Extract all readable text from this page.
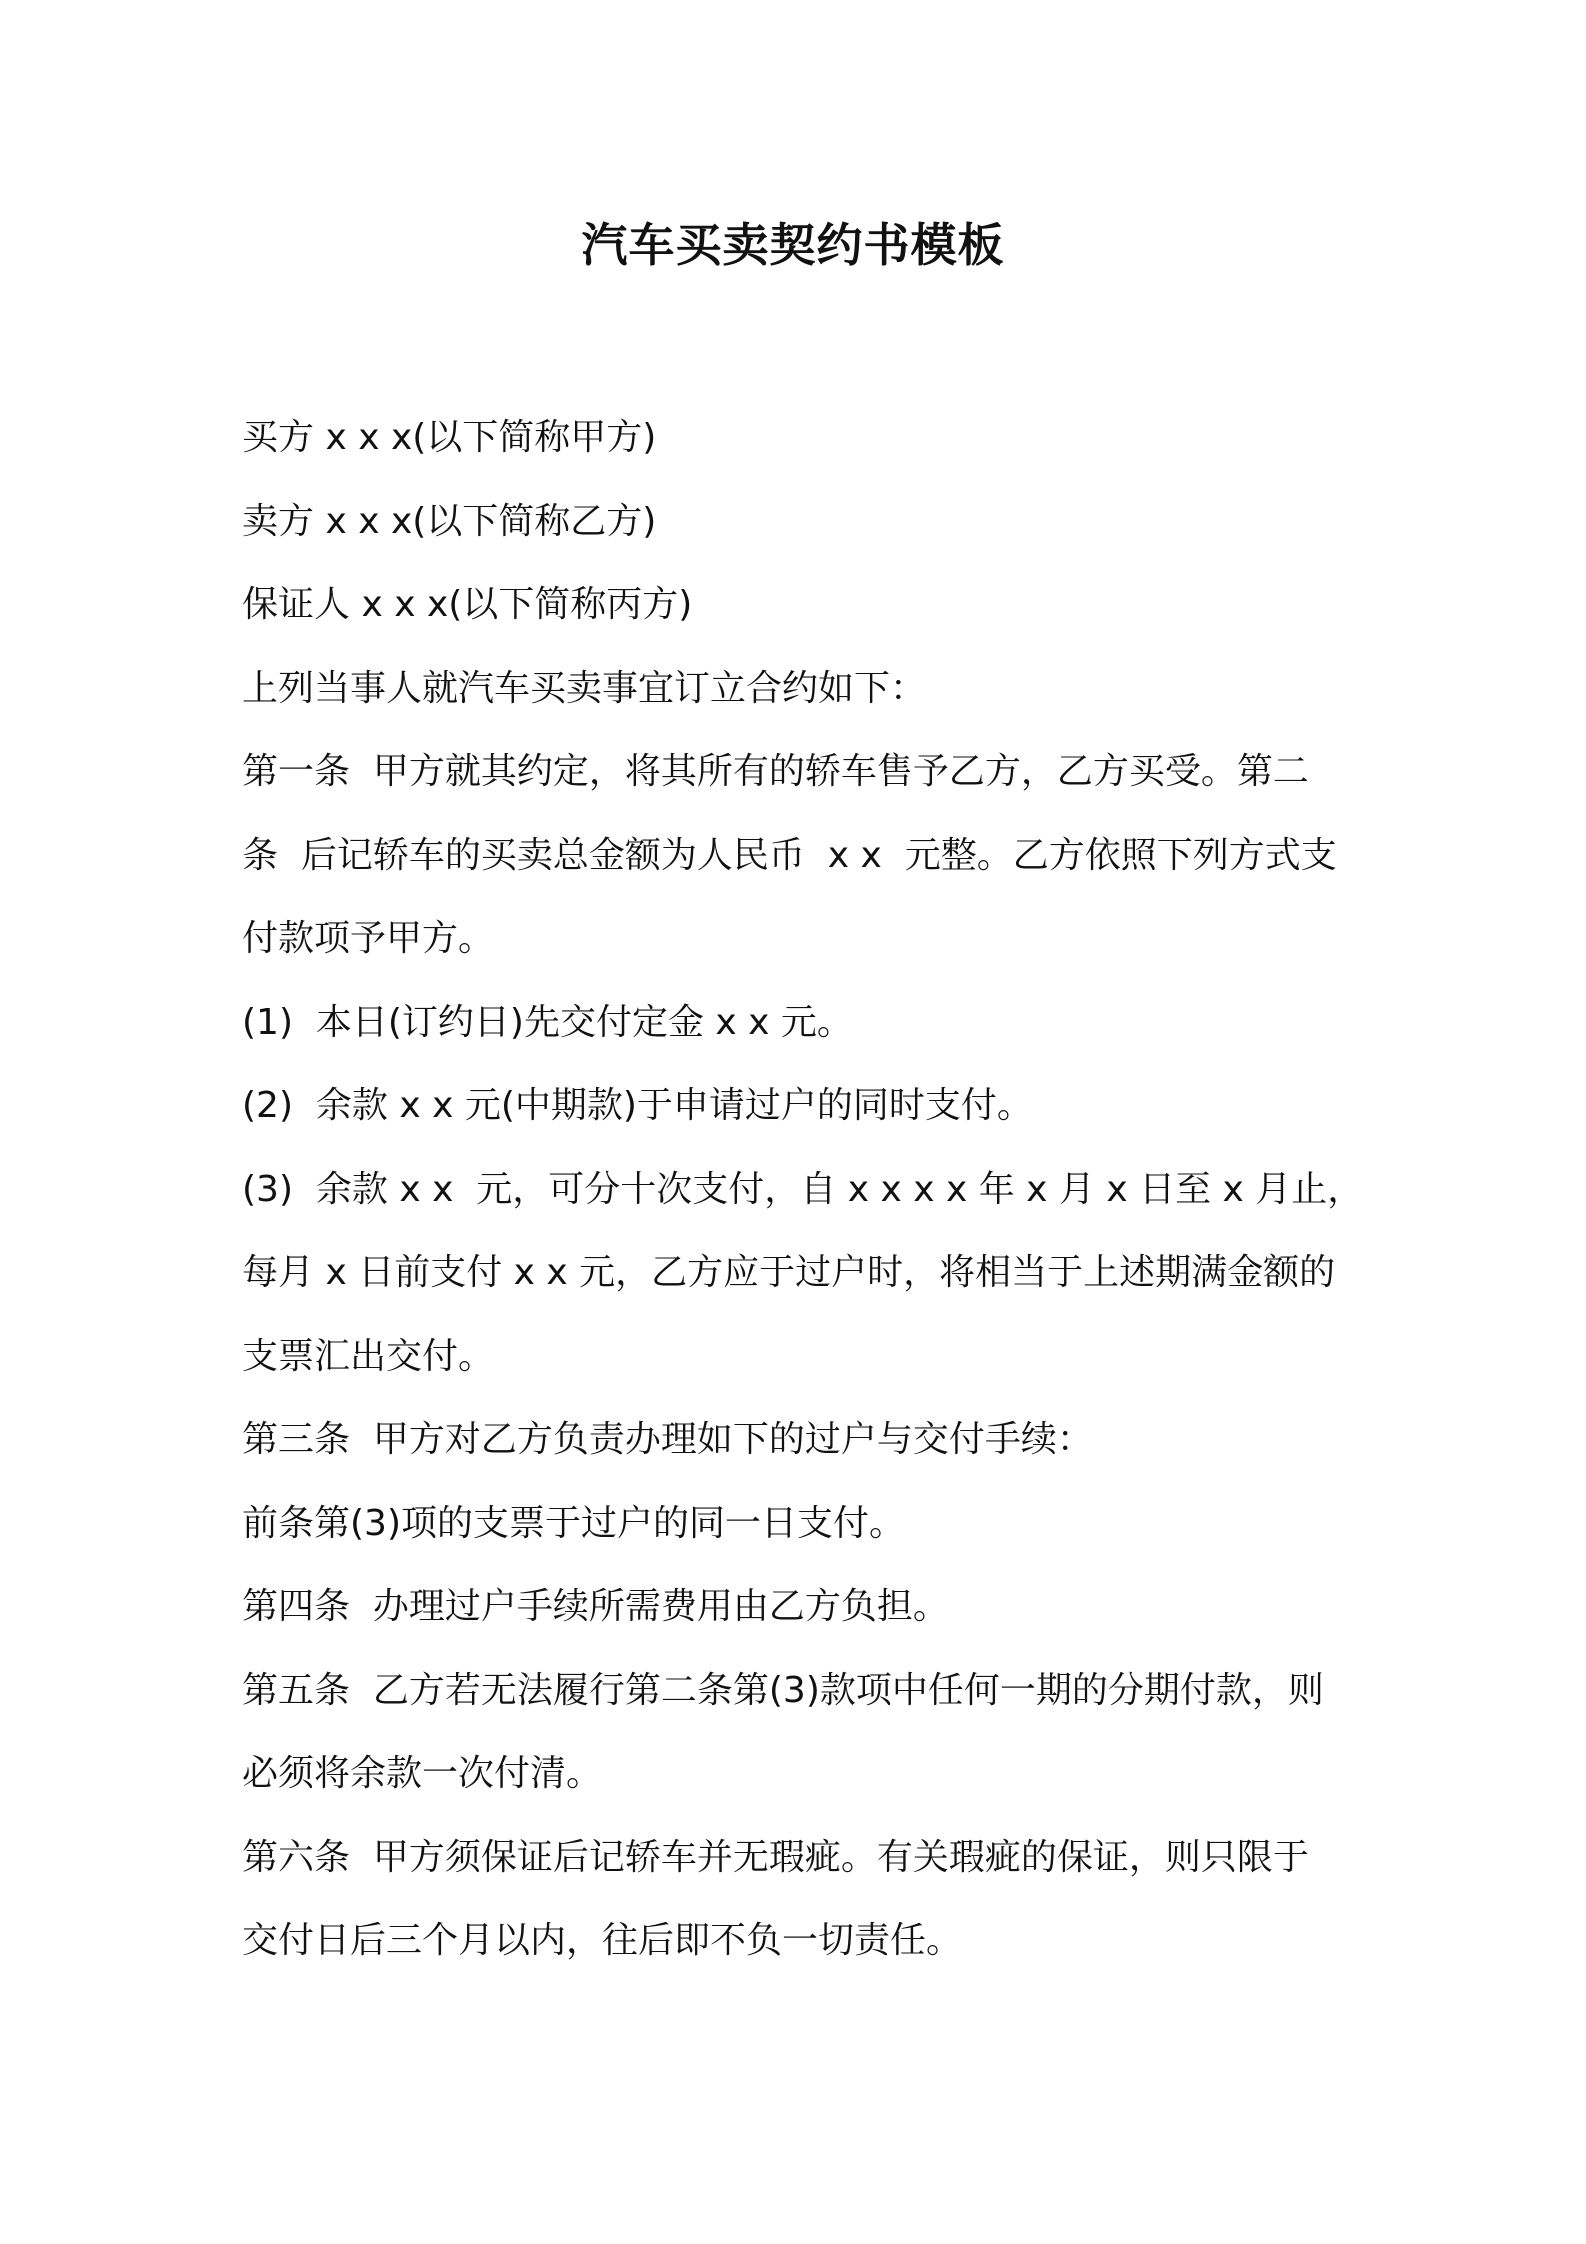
汽车买卖契约书模板

买方 x x x(以下简称甲方)

卖方 x x x(以下简称乙方)

保证人 x x x(以下简称丙方)

上列当事人就汽车买卖事宜订立合约如下：

第一条  甲方就其约定，将其所有的轿车售予乙方，乙方买受。第二

条  后记轿车的买卖总金额为人民币  x x  元整。乙方依照下列方式支

付款项予甲方。

(1)  本日(订约日)先交付定金 x x 元。

(2)  余款 x x 元(中期款)于申请过户的同时支付。

(3)  余款 x x  元，可分十次支付，自 x x x x 年 x 月 x 日至 x 月止，

每月 x 日前支付 x x 元，乙方应于过户时，将相当于上述期满金额的

支票汇出交付。

第三条  甲方对乙方负责办理如下的过户与交付手续：

前条第(3)项的支票于过户的同一日支付。

第四条  办理过户手续所需费用由乙方负担。

第五条  乙方若无法履行第二条第(3)款项中任何一期的分期付款，则

必须将余款一次付清。

第六条  甲方须保证后记轿车并无瑕疵。有关瑕疵的保证，则只限于

交付日后三个月以内，往后即不负一切责任。
